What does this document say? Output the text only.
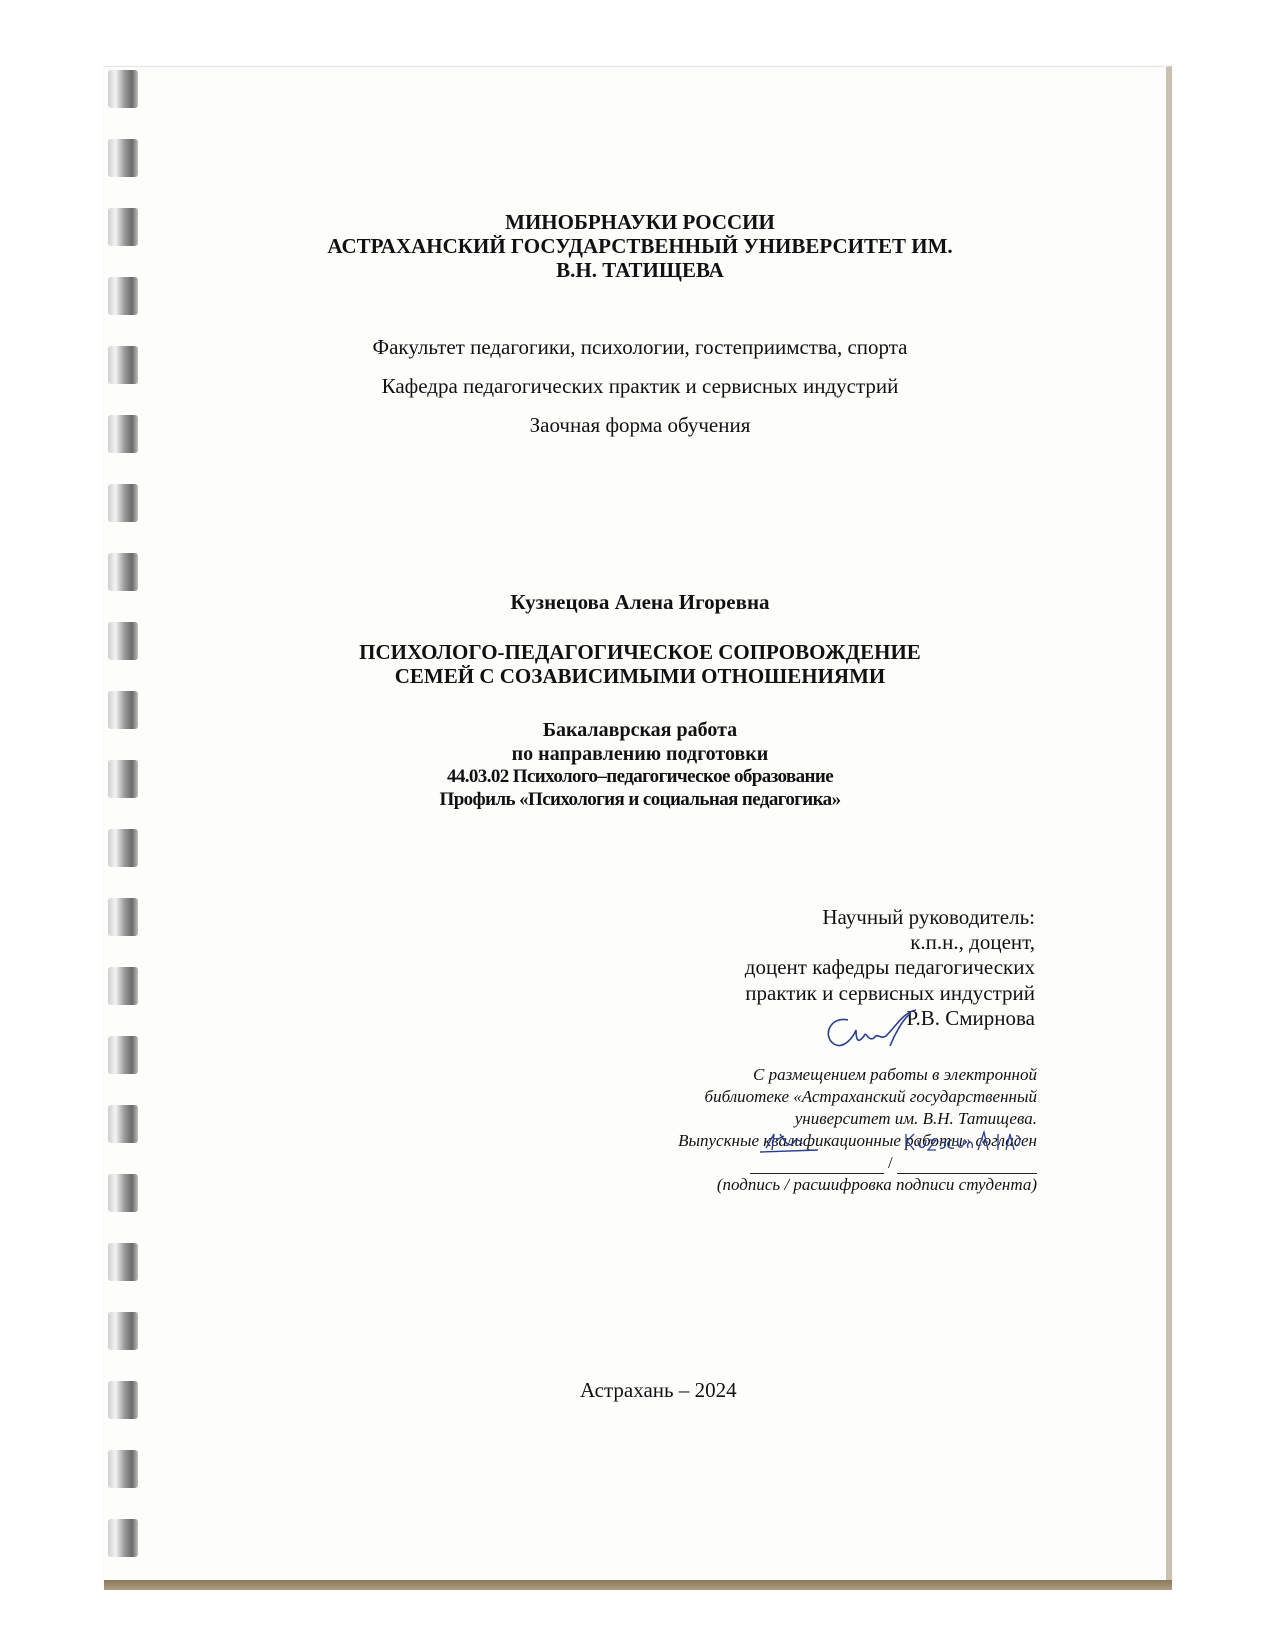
МИНОБРНАУКИ РОССИИ
АСТРАХАНСКИЙ ГОСУДАРСТВЕННЫЙ УНИВЕРСИТЕТ ИМ.
В.Н. ТАТИЩЕВА
Факультет педагогики, психологии, гостеприимства, спорта
Кафедра педагогических практик и сервисных индустрий
Заочная форма обучения
Кузнецова Алена Игоревна
ПСИХОЛОГО-ПЕДАГОГИЧЕСКОЕ СОПРОВОЖДЕНИЕ
СЕМЕЙ С СОЗАВИСИМЫМИ ОТНОШЕНИЯМИ
Бакалаврская работа
по направлению подготовки
44.03.02 Психолого–педагогическое образование
Профиль «Психология и социальная педагогика»
Научный руководитель:
к.п.н., доцент,
доцент кафедры педагогических
практик и сервисных индустрий
Р.В. Смирнова
С размещением работы в электронной
библиотеке «Астраханский государственный
университет им. В.Н. Татищева.
Выпускные квалификационные работы» согласен
/
(подпись / расшифровка подписи студента)
Астрахань – 2024
